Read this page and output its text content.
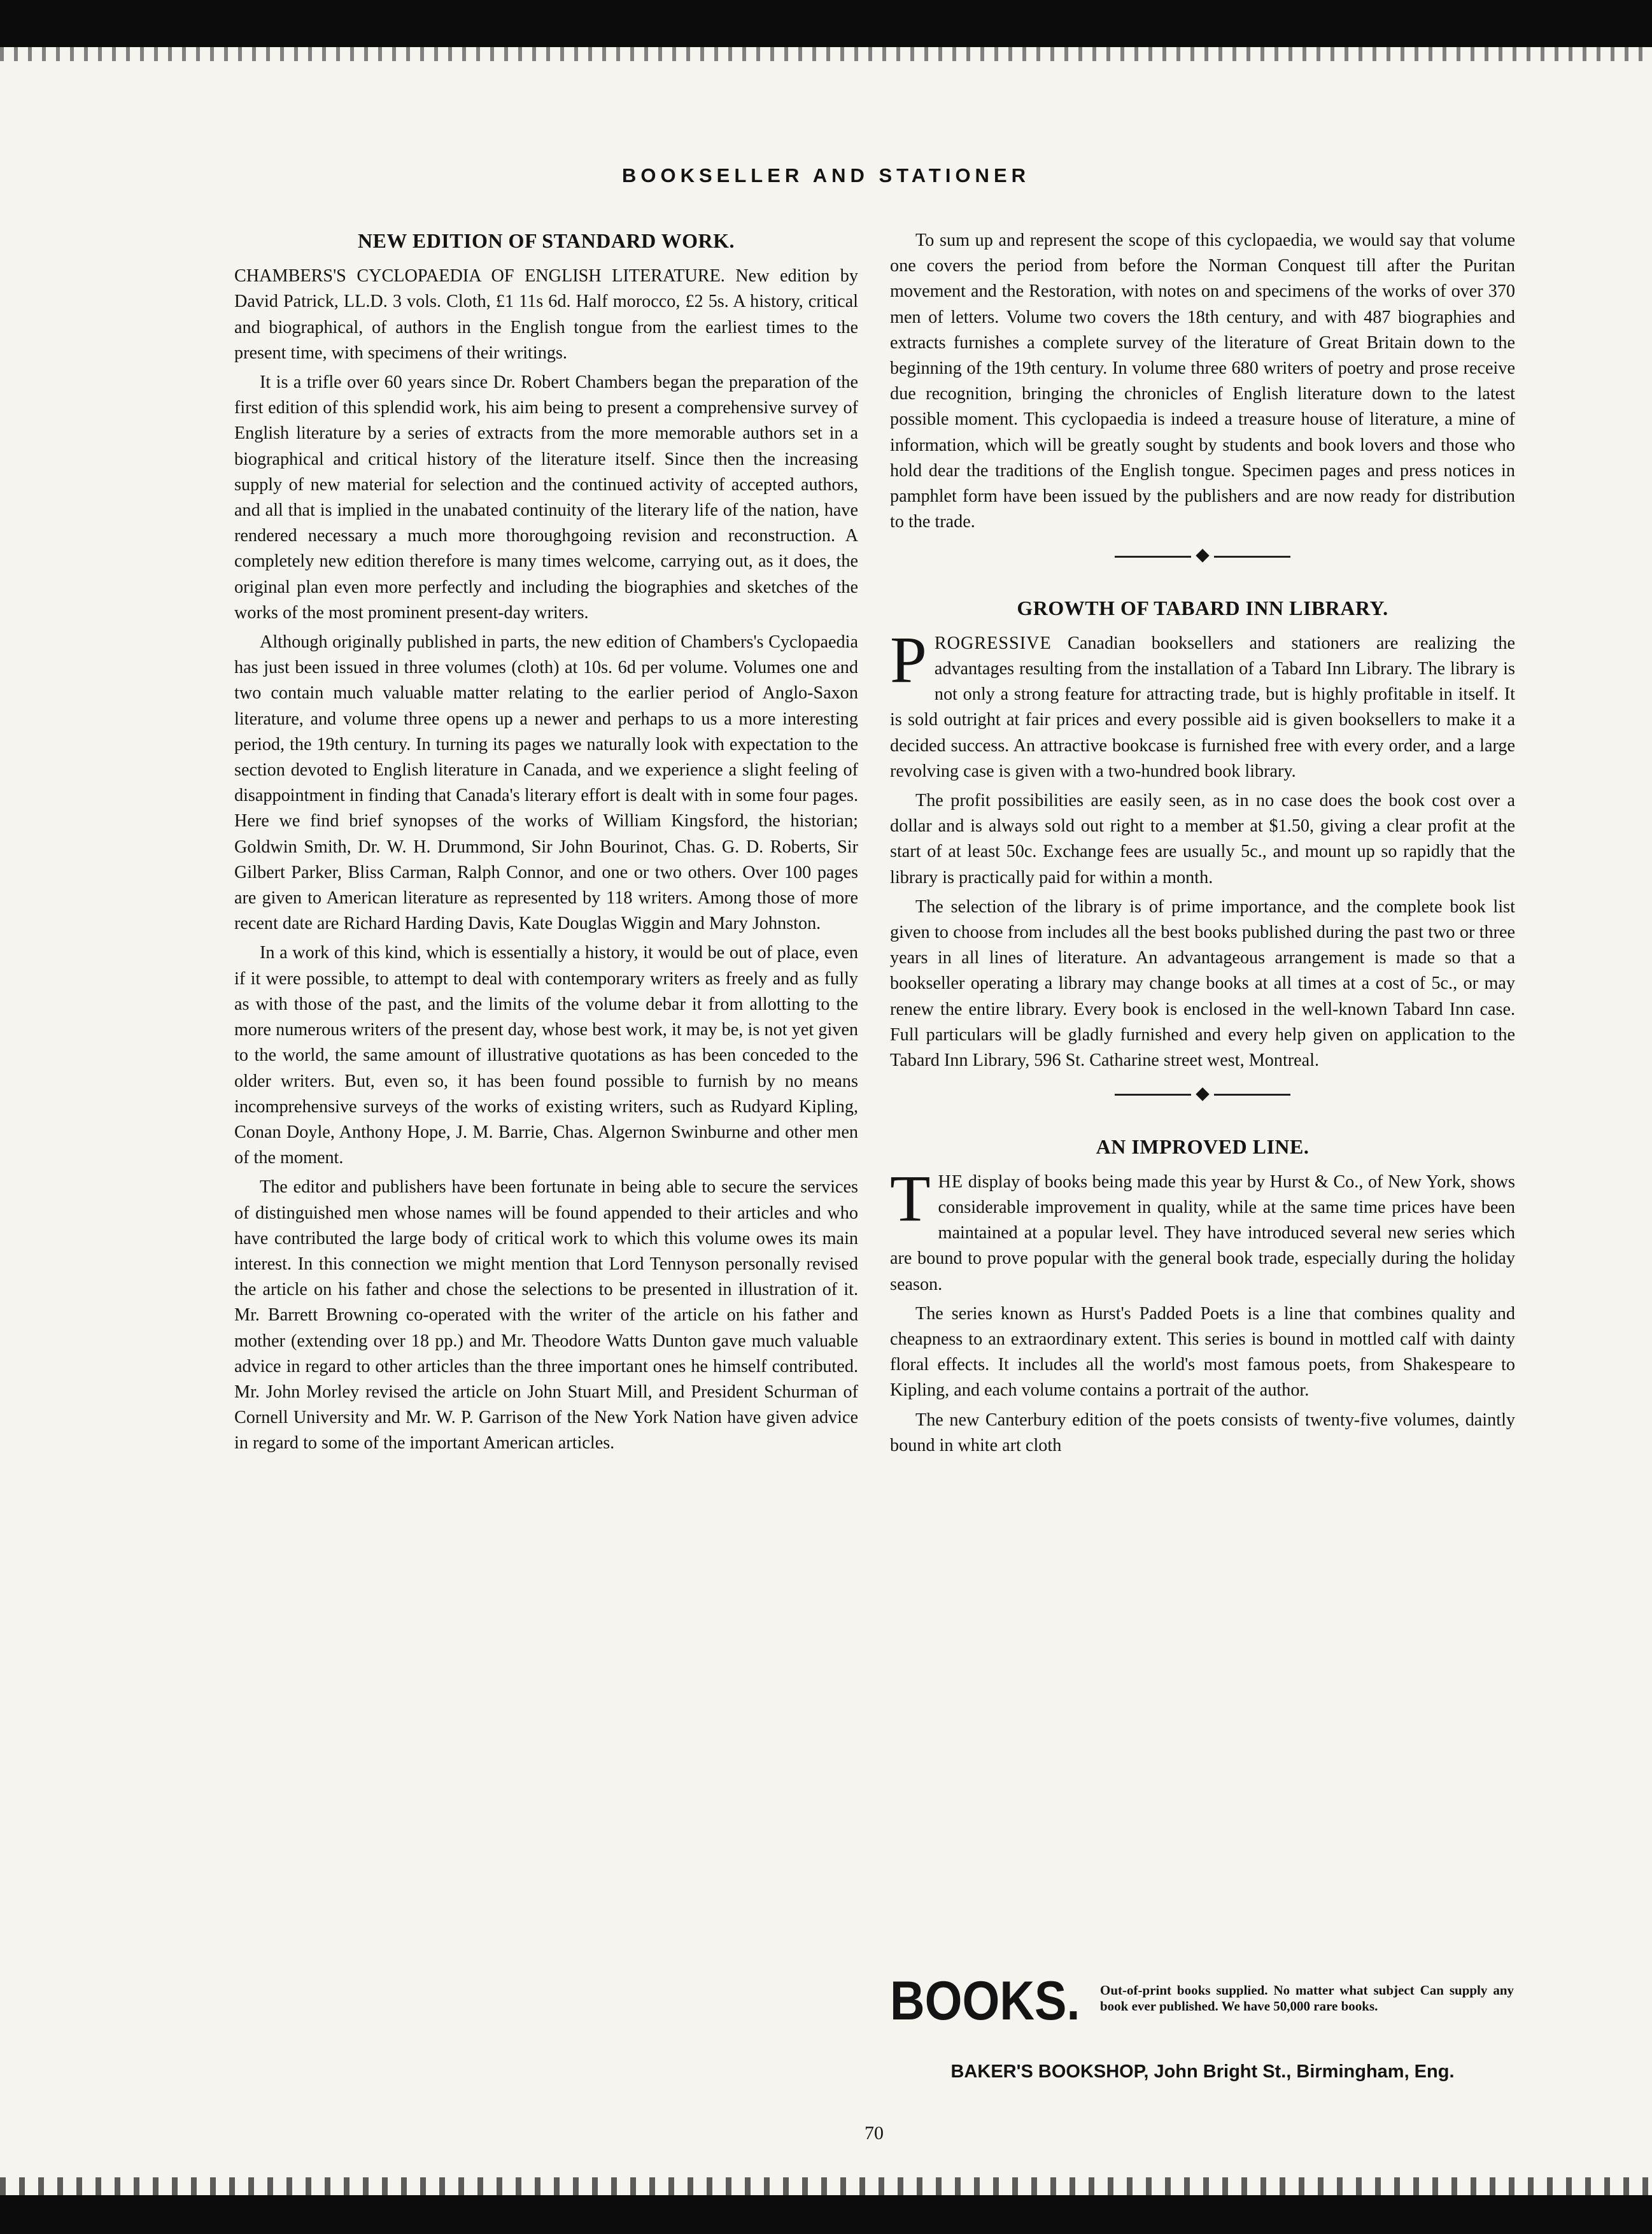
BOOKSELLER AND STATIONER
NEW EDITION OF STANDARD WORK.

CHAMBERS'S CYCLOPAEDIA OF ENGLISH LITERATURE. New edition by David Patrick, LL.D. 3 vols. Cloth, £1 11s 6d. Half morocco, £2 5s. A history, critical and biographical, of authors in the English tongue from the earliest times to the present time, with specimens of their writings.

It is a trifle over 60 years since Dr. Robert Chambers began the preparation of the first edition of this splendid work, his aim being to present a comprehensive survey of English literature by a series of extracts from the more memorable authors set in a biographical and critical history of the literature itself. Since then the increasing supply of new material for selection and the continued activity of accepted authors, and all that is implied in the unabated continuity of the literary life of the nation, have rendered necessary a much more thoroughgoing revision and reconstruction. A completely new edition therefore is many times welcome, carrying out, as it does, the original plan even more perfectly and including the biographies and sketches of the works of the most prominent present-day writers.

Although originally published in parts, the new edition of Chambers's Cyclopaedia has just been issued in three volumes (cloth) at 10s. 6d per volume. Volumes one and two contain much valuable matter relating to the earlier period of Anglo-Saxon literature, and volume three opens up a newer and perhaps to us a more interesting period, the 19th century. In turning its pages we naturally look with expectation to the section devoted to English literature in Canada, and we experience a slight feeling of disappointment in finding that Canada's literary effort is dealt with in some four pages. Here we find brief synopses of the works of William Kingsford, the historian; Goldwin Smith, Dr. W. H. Drummond, Sir John Bourinot, Chas. G. D. Roberts, Sir Gilbert Parker, Bliss Carman, Ralph Connor, and one or two others. Over 100 pages are given to American literature as represented by 118 writers. Among those of more recent date are Richard Harding Davis, Kate Douglas Wiggin and Mary Johnston.

In a work of this kind, which is essentially a history, it would be out of place, even if it were possible, to attempt to deal with contemporary writers as freely and as fully as with those of the past, and the limits of the volume debar it from allotting to the more numerous writers of the present day, whose best work, it may be, is not yet given to the world, the same amount of illustrative quotations as has been conceded to the older writers. But, even so, it has been found possible to furnish by no means incomprehensive surveys of the works of existing writers, such as Rudyard Kipling, Conan Doyle, Anthony Hope, J. M. Barrie, Chas. Algernon Swinburne and other men of the moment.

The editor and publishers have been fortunate in being able to secure the services of distinguished men whose names will be found appended to their articles and who have contributed the large body of critical work to which this volume owes its main interest. In this connection we might mention that Lord Tennyson personally revised the article on his father and chose the selections to be presented in illustration of it. Mr. Barrett Browning co-operated with the writer of the article on his father and mother (extending over 18 pp.) and Mr. Theodore Watts Dunton gave much valuable advice in regard to other articles than the three important ones he himself contributed. Mr. John Morley revised the article on John Stuart Mill, and President Schurman of Cornell University and Mr. W. P. Garrison of the New York Nation have given advice in regard to some of the important American articles.

To sum up and represent the scope of this cyclopaedia, we would say that volume one covers the period from before the Norman Conquest till after the Puritan movement and the Restoration, with notes on and specimens of the works of over 370 men of letters. Volume two covers the 18th century, and with 487 biographies and extracts furnishes a complete survey of the literature of Great Britain down to the beginning of the 19th century. In volume three 680 writers of poetry and prose receive due recognition, bringing the chronicles of English literature down to the latest possible moment. This cyclopaedia is indeed a treasure house of literature, a mine of information, which will be greatly sought by students and book lovers and those who hold dear the traditions of the English tongue. Specimen pages and press notices in pamphlet form have been issued by the publishers and are now ready for distribution to the trade.

◆
GROWTH OF TABARD INN LIBRARY.

PROGRESSIVE Canadian booksellers and stationers are realizing the advantages resulting from the installation of a Tabard Inn Library. The library is not only a strong feature for attracting trade, but is highly profitable in itself. It is sold outright at fair prices and every possible aid is given booksellers to make it a decided success. An attractive bookcase is furnished free with every order, and a large revolving case is given with a two-hundred book library.

The profit possibilities are easily seen, as in no case does the book cost over a dollar and is always sold out right to a member at $1.50, giving a clear profit at the start of at least 50c. Exchange fees are usually 5c., and mount up so rapidly that the library is practically paid for within a month.

The selection of the library is of prime importance, and the complete book list given to choose from includes all the best books published during the past two or three years in all lines of literature. An advantageous arrangement is made so that a bookseller operating a library may change books at all times at a cost of 5c., or may renew the entire library. Every book is enclosed in the well-known Tabard Inn case. Full particulars will be gladly furnished and every help given on application to the Tabard Inn Library, 596 St. Catharine street west, Montreal.

◆
AN IMPROVED LINE.

THE display of books being made this year by Hurst & Co., of New York, shows considerable improvement in quality, while at the same time prices have been maintained at a popular level. They have introduced several new series which are bound to prove popular with the general book trade, especially during the holiday season.

The series known as Hurst's Padded Poets is a line that combines quality and cheapness to an extraordinary extent. This series is bound in mottled calf with dainty floral effects. It includes all the world's most famous poets, from Shakespeare to Kipling, and each volume contains a portrait of the author.

The new Canterbury edition of the poets consists of twenty-five volumes, daintly bound in white art cloth

BOOKS. Out-of-print books supplied. No matter what subject Can supply any book ever published. We have 50,000 rare books.
BAKER'S BOOKSHOP, John Bright St., Birmingham, Eng.
70
